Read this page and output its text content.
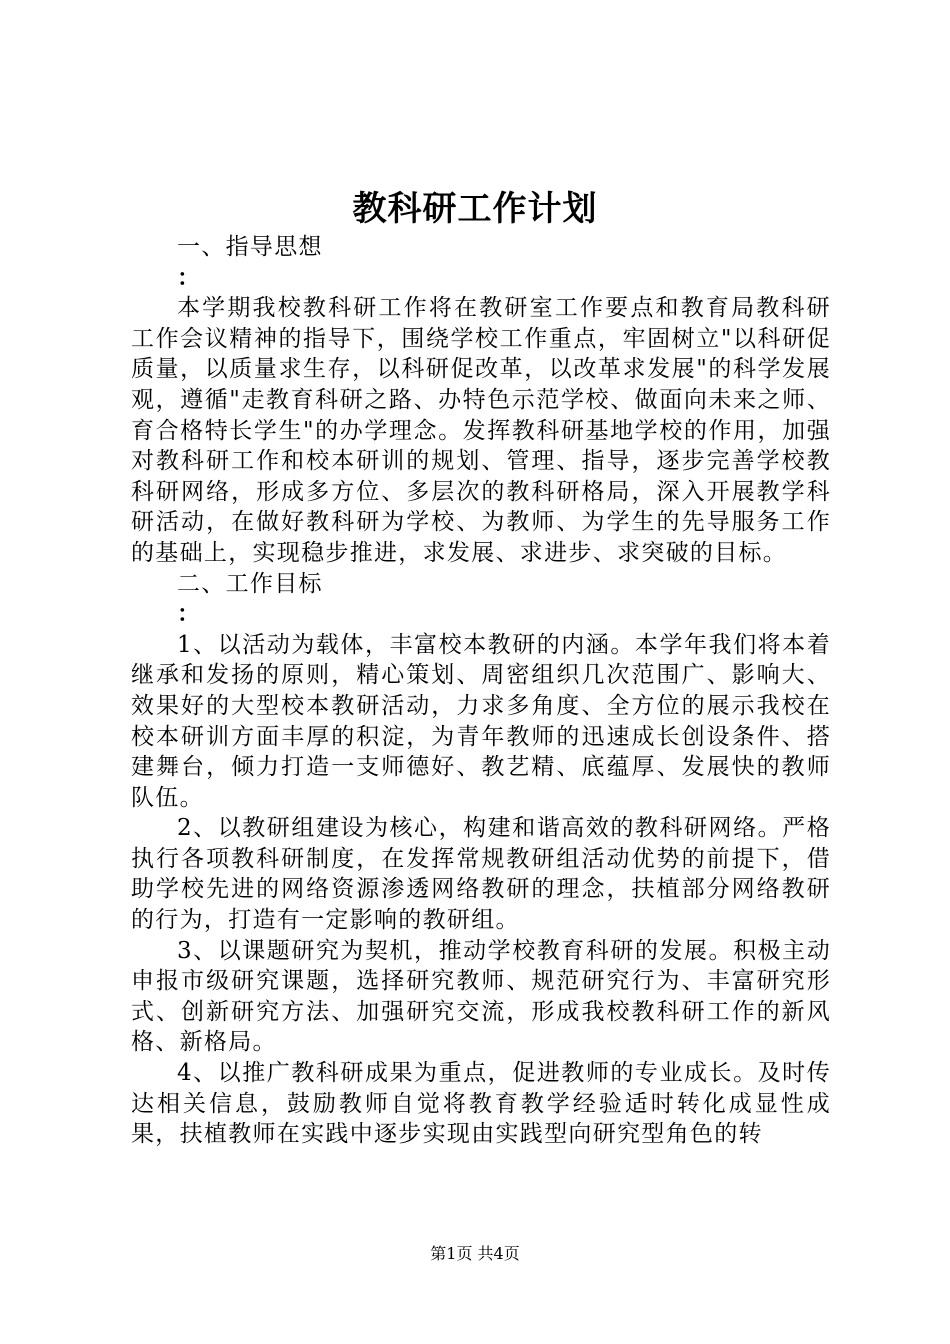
教科研工作计划

一、指导思想

：

本学期我校教科研工作将在教研室工作要点和教育局教科研工作会议精神的指导下，围绕学校工作重点，牢固树立"以科研促质量，以质量求生存，以科研促改革，以改革求发展"的科学发展观，遵循"走教育科研之路、办特色示范学校、做面向未来之师、育合格特长学生"的办学理念。发挥教科研基地学校的作用，加强对教科研工作和校本研训的规划、管理、指导，逐步完善学校教科研网络，形成多方位、多层次的教科研格局，深入开展教学科研活动，在做好教科研为学校、为教师、为学生的先导服务工作的基础上，实现稳步推进，求发展、求进步、求突破的目标。

二、工作目标

：

1、以活动为载体，丰富校本教研的内涵。本学年我们将本着继承和发扬的原则，精心策划、周密组织几次范围广、影响大、效果好的大型校本教研活动，力求多角度、全方位的展示我校在校本研训方面丰厚的积淀，为青年教师的迅速成长创设条件、搭建舞台，倾力打造一支师德好、教艺精、底蕴厚、发展快的教师队伍。

2、以教研组建设为核心，构建和谐高效的教科研网络。严格执行各项教科研制度，在发挥常规教研组活动优势的前提下，借助学校先进的网络资源渗透网络教研的理念，扶植部分网络教研的行为，打造有一定影响的教研组。

3、以课题研究为契机，推动学校教育科研的发展。积极主动申报市级研究课题，选择研究教师、规范研究行为、丰富研究形式、创新研究方法、加强研究交流，形成我校教科研工作的新风格、新格局。

4、以推广教科研成果为重点，促进教师的专业成长。及时传达相关信息，鼓励教师自觉将教育教学经验适时转化成显性成果，扶植教师在实践中逐步实现由实践型向研究型角色的转

第1页 共4页
